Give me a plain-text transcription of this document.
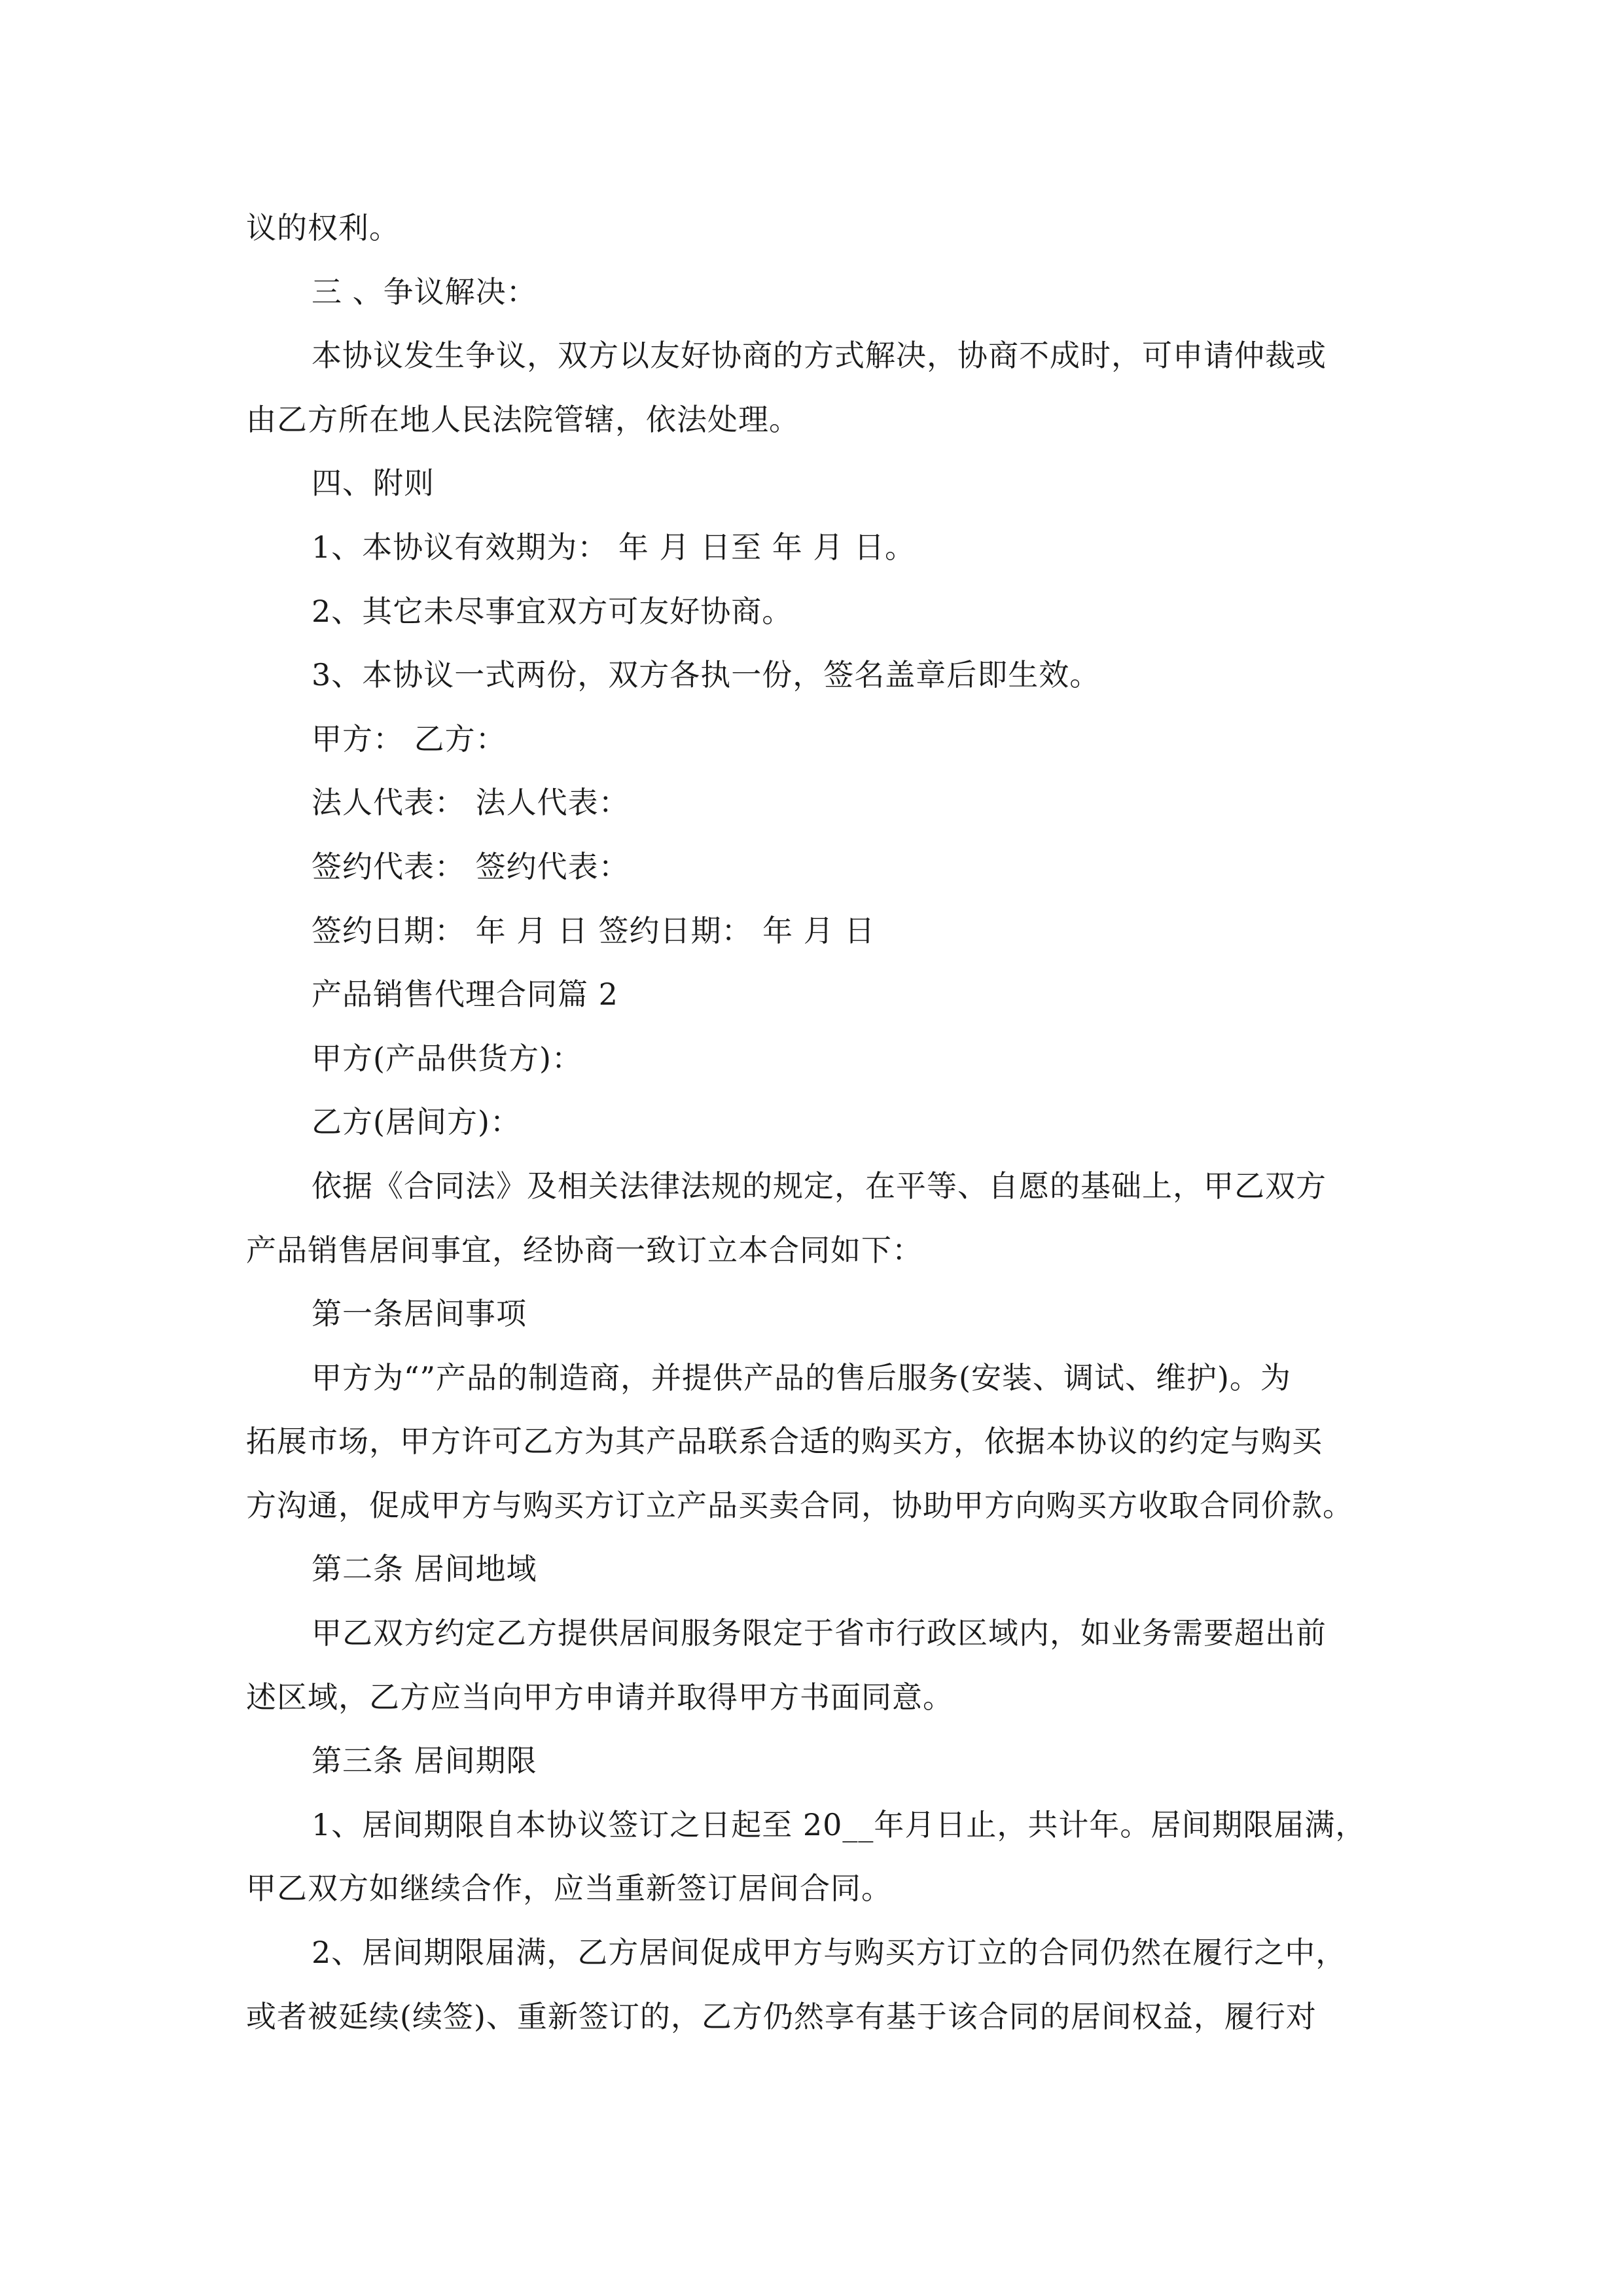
议的权利。
三 、争议解决：
本协议发生争议，双方以友好协商的方式解决，协商不成时，可申请仲裁或
由乙方所在地人民法院管辖，依法处理。
四、附则
1、本协议有效期为： 年 月 日至 年 月 日。
2、其它未尽事宜双方可友好协商。
3、本协议一式两份，双方各执一份，签名盖章后即生效。
甲方： 乙方：
法人代表： 法人代表：
签约代表： 签约代表：
签约日期： 年 月 日 签约日期： 年 月 日
产品销售代理合同篇 2
甲方(产品供货方)：
乙方(居间方)：
依据《合同法》及相关法律法规的规定，在平等、自愿的基础上，甲乙双方
产品销售居间事宜，经协商一致订立本合同如下：
第一条居间事项
甲方为“”产品的制造商，并提供产品的售后服务(安装、调试、维护)。为
拓展市场，甲方许可乙方为其产品联系合适的购买方，依据本协议的约定与购买
方沟通，促成甲方与购买方订立产品买卖合同，协助甲方向购买方收取合同价款。
第二条 居间地域
甲乙双方约定乙方提供居间服务限定于省市行政区域内，如业务需要超出前
述区域，乙方应当向甲方申请并取得甲方书面同意。
第三条 居间期限
1、居间期限自本协议签订之日起至 20__年月日止，共计年。居间期限届满，
甲乙双方如继续合作，应当重新签订居间合同。
2、居间期限届满，乙方居间促成甲方与购买方订立的合同仍然在履行之中，
或者被延续(续签)、重新签订的，乙方仍然享有基于该合同的居间权益，履行对
